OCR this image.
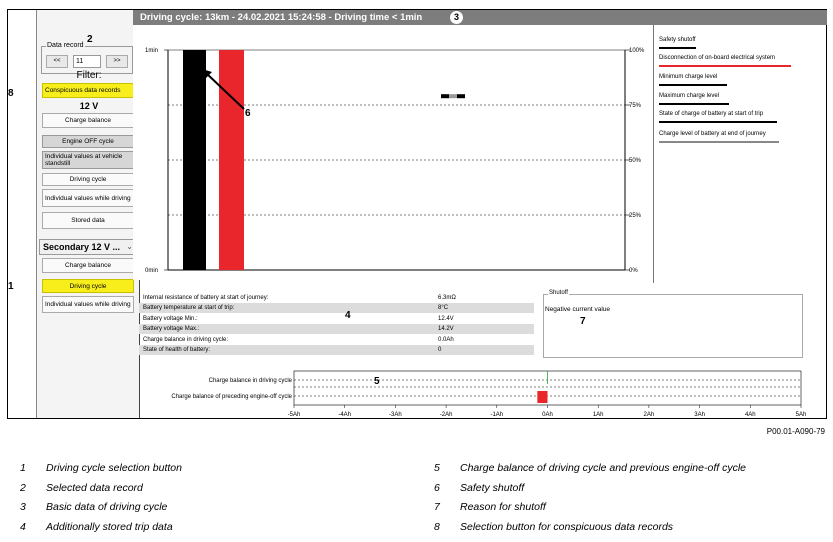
Data record
<<	11	>>
Filter:
Conspicuous data records
12 V
Charge balance
Engine OFF cycle
Individual values at vehicle standstill
Driving cycle
Individual values while driving
Stored data
Secondary 12 V ... ⌄
Charge balance
Driving cycle
Individual values while driving
Driving cycle: 13km - 24.02.2021 15:24:58 - Driving time < 1min	3
0%
25%
50%
75%
100%
0min
1min
Safety shutoff
Disconnection of on-board electrical system
Minimum charge level
Maximum charge level
State of charge of battery at start of trip
Charge level of battery at end of journey
Internal resistance of battery at start of journey:	6.3mΩ
Battery temperature at start of trip:	8°C
Battery voltage Min.:	12.4V
Battery voltage Max.:	14.2V
Charge balance in driving cycle:	0.0Ah
State of health of battery:	0
Shutoff
Negative current value
Charge balance in driving cycle
Charge balance of preceding engine-off cycle
-5Ah	-4Ah	-3Ah	-2Ah	-1Ah	0Ah	1Ah	2Ah	3Ah	4Ah	5Ah
8
2
1
6
4
7
5
P00.01-A090-79
1 Driving cycle selection button
2 Selected data record
3 Basic data of driving cycle
4 Additionally stored trip data
5 Charge balance of driving cycle and previous engine-off cycle
6 Safety shutoff
7 Reason for shutoff
8 Selection button for conspicuous data records
